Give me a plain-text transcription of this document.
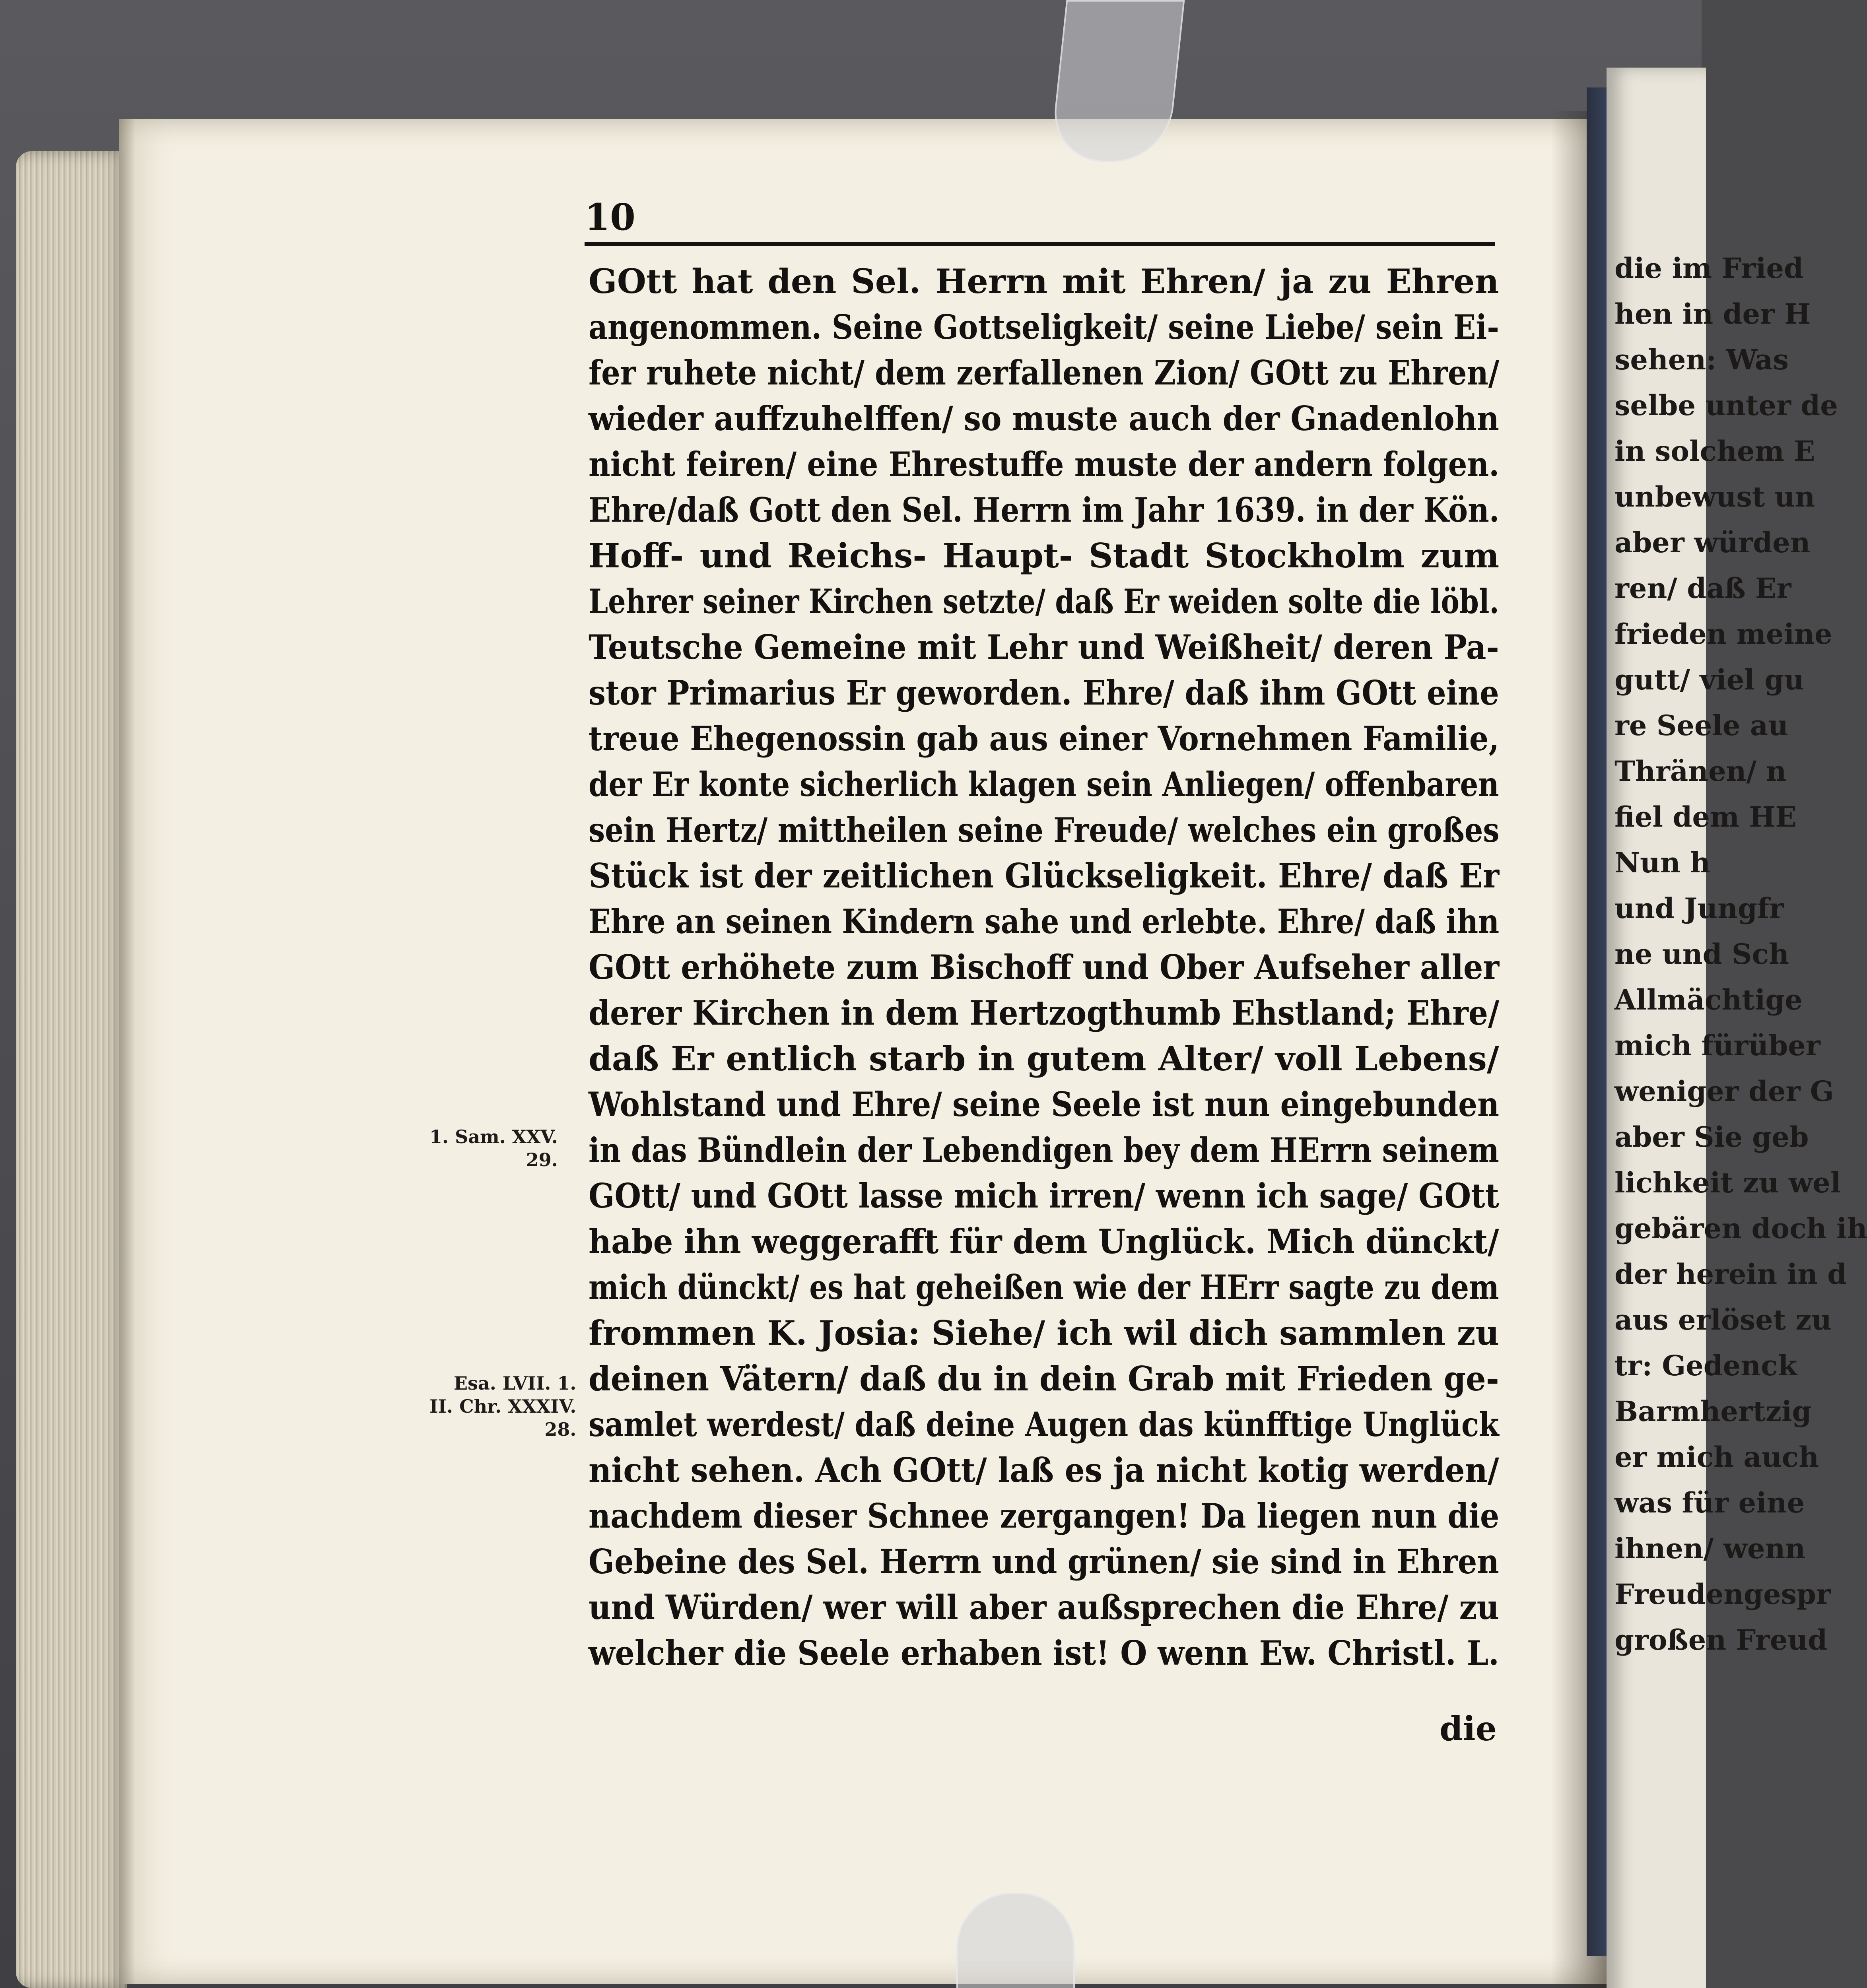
die im Fried
hen in der H
sehen: Was
selbe unter de
in solchem E
unbewust un
aber würden
ren/ daß Er
frieden meine
gutt/ viel gu
re Seele au
Thränen/ n
fiel dem HE
Nun h
und Jungfr
ne und Sch
Allmächtige
mich fürüber
weniger der G
aber Sie geb
lichkeit zu wel
gebären doch ih
der herein in d
aus erlöset zu
tr: Gedenck
Barmhertzig
er mich auch
was für eine
ihnen/ wenn
Freudengespr
großen Freud
10
GOtt hat den Sel. Herrn mit Ehren/ ja zu Ehren
angenommen. Seine Gottseligkeit/ seine Liebe/ sein Ei-
fer ruhete nicht/ dem zerfallenen Zion/ GOtt zu Ehren/
wieder auffzuhelffen/ so muste auch der Gnadenlohn
nicht feiren/ eine Ehrestuffe muste der andern folgen.
Ehre/daß Gott den Sel. Herrn im Jahr 1639. in der Kön.
Hoff- und Reichs- Haupt- Stadt Stockholm zum
Lehrer seiner Kirchen setzte/ daß Er weiden solte die löbl.
Teutsche Gemeine mit Lehr und Weißheit/ deren Pa-
stor Primarius Er geworden. Ehre/ daß ihm GOtt eine
treue Ehegenossin gab aus einer Vornehmen Familie,
der Er konte sicherlich klagen sein Anliegen/ offenbaren
sein Hertz/ mittheilen seine Freude/ welches ein großes
Stück ist der zeitlichen Glückseligkeit. Ehre/ daß Er
Ehre an seinen Kindern sahe und erlebte. Ehre/ daß ihn
GOtt erhöhete zum Bischoff und Ober Aufseher aller
derer Kirchen in dem Hertzogthumb Ehstland; Ehre/
daß Er entlich starb in gutem Alter/ voll Lebens/
Wohlstand und Ehre/ seine Seele ist nun eingebunden
in das Bündlein der Lebendigen bey dem HErrn seinem
GOtt/ und GOtt lasse mich irren/ wenn ich sage/ GOtt
habe ihn weggerafft für dem Unglück. Mich dünckt/
mich dünckt/ es hat geheißen wie der HErr sagte zu dem
frommen K. Josia: Siehe/ ich wil dich sammlen zu
deinen Vätern/ daß du in dein Grab mit Frieden ge-
samlet werdest/ daß deine Augen das künfftige Unglück
nicht sehen. Ach GOtt/ laß es ja nicht kotig werden/
nachdem dieser Schnee zergangen! Da liegen nun die
Gebeine des Sel. Herrn und grünen/ sie sind in Ehren
und Würden/ wer will aber außsprechen die Ehre/ zu
welcher die Seele erhaben ist! O wenn Ew. Christl. L.
die
1. Sam. XXV.
29.
Esa. LVII. 1.
II. Chr. XXXIV.
28.
